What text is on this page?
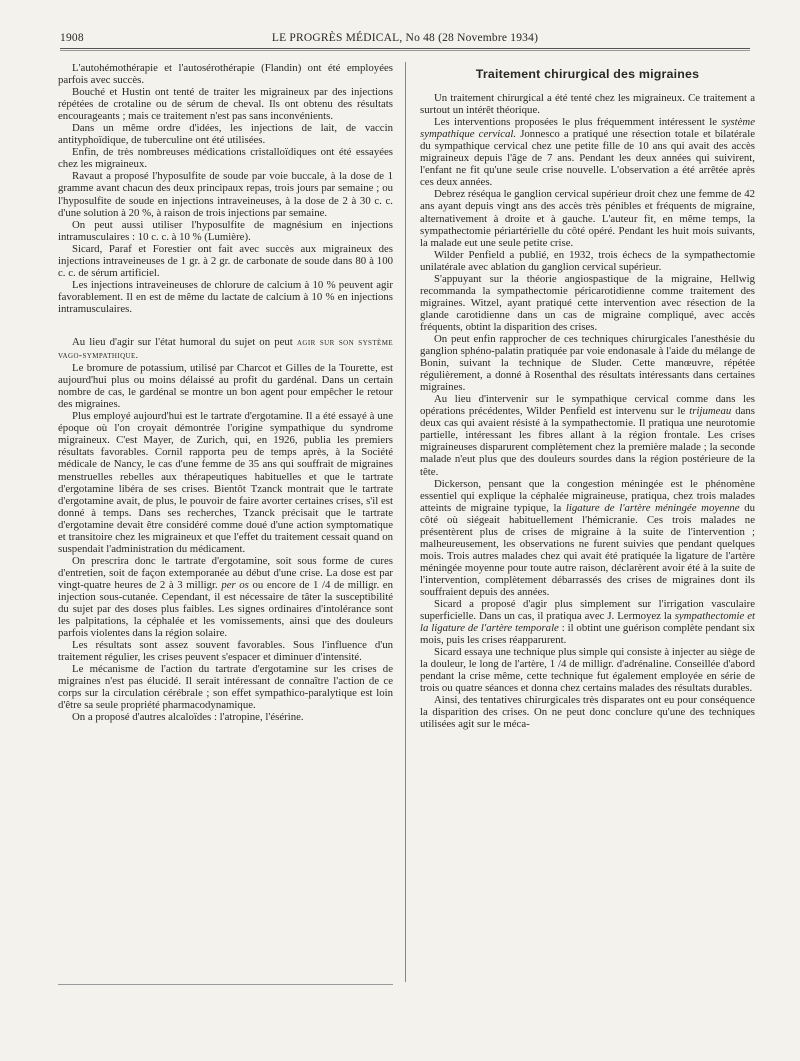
1908	LE PROGRÈS MÉDICAL, No 48 (28 Novembre 1934)

L'autohémothérapie et l'autosérothérapie (Flandin) ont été employées parfois avec succès.

Bouché et Hustin ont tenté de traiter les migraineux par des injections répétées de crotaline ou de sérum de cheval. Ils ont obtenu des résultats encourageants ; mais ce traitement n'est pas sans inconvénients.

Dans un même ordre d'idées, les injections de lait, de vaccin antityphoïdique, de tuberculine ont été utilisées.

Enfin, de très nombreuses médications cristalloïdiques ont été essayées chez les migraineux.

Ravaut a proposé l'hyposulfite de soude par voie buccale, à la dose de 1 gramme avant chacun des deux principaux repas, trois jours par semaine ; ou l'hyposulfite de soude en injections intraveineuses, à la dose de 2 à 30 c. c. d'une solution à 20 %, à raison de trois injections par semaine.

On peut aussi utiliser l'hyposulfite de magnésium en injections intramusculaires : 10 c. c. à 10 % (Lumière).

Sicard, Paraf et Forestier ont fait avec succès aux migraineux des injections intraveineuses de 1 gr. à 2 gr. de carbonate de soude dans 80 à 100 c. c. de sérum artificiel.

Les injections intraveineuses de chlorure de calcium à 10 % peuvent agir favorablement. Il en est de même du lactate de calcium à 10 % en injections intramusculaires.

Au lieu d'agir sur l'état humoral du sujet on peut agir sur son système vago-sympathique.

Le bromure de potassium, utilisé par Charcot et Gilles de la Tourette, est aujourd'hui plus ou moins délaissé au profit du gardénal. Dans un certain nombre de cas, le gardénal se montre un bon agent pour empêcher le retour des migraines.

Plus employé aujourd'hui est le tartrate d'ergotamine. Il a été essayé à une époque où l'on croyait démontrée l'origine sympathique du syndrome migraineux. C'est Mayer, de Zurich, qui, en 1926, publia les premiers résultats favorables. Cornil rapporta peu de temps après, à la Société médicale de Nancy, le cas d'une femme de 35 ans qui souffrait de migraines menstruelles rebelles aux thérapeutiques habituelles et que le tartrate d'ergotamine libéra de ses crises. Bientôt Tzanck montrait que le tartrate d'ergotamine avait, de plus, le pouvoir de faire avorter certaines crises, s'il est donné à temps. Dans ses recherches, Tzanck précisait que le tartrate d'ergotamine devait être considéré comme doué d'une action symptomatique et transitoire chez les migraineux et que l'effet du traitement cessait quand on suspendait l'administration du médicament.

On prescrira donc le tartrate d'ergotamine, soit sous forme de cures d'entretien, soit de façon extemporanée au début d'une crise. La dose est par vingt-quatre heures de 2 à 3 milligr. per os ou encore de 1 /4 de milligr. en injection sous-cutanée. Cependant, il est nécessaire de tâter la susceptibilité du sujet par des doses plus faibles. Les signes ordinaires d'intolérance sont les palpitations, la céphalée et les vomissements, ainsi que des douleurs parfois violentes dans la région solaire.

Les résultats sont assez souvent favorables. Sous l'influence d'un traitement régulier, les crises peuvent s'espacer et diminuer d'intensité.

Le mécanisme de l'action du tartrate d'ergotamine sur les crises de migraines n'est pas élucidé. Il serait intéressant de connaître l'action de ce corps sur la circulation cérébrale ; son effet sympathico-paralytique est loin d'être sa seule propriété pharmacodynamique.

On a proposé d'autres alcaloïdes : l'atropine, l'ésérine.

Traitement chirurgical des migraines

Un traitement chirurgical a été tenté chez les migraineux. Ce traitement a surtout un intérêt théorique.

Les interventions proposées le plus fréquemment intéressent le système sympathique cervical. Jonnesco a pratiqué une résection totale et bilatérale du sympathique cervical chez une petite fille de 10 ans qui avait des accès migraineux depuis l'âge de 7 ans. Pendant les deux années qui suivirent, l'enfant ne fit qu'une seule crise nouvelle. L'observation a été arrêtée après ces deux années.

Debrez réséqua le ganglion cervical supérieur droit chez une femme de 42 ans ayant depuis vingt ans des accès très pénibles et fréquents de migraine, alternativement à droite et à gauche. L'auteur fit, en même temps, la sympathectomie périartérielle du côté opéré. Pendant les huit mois suivants, la malade eut une seule petite crise.

Wilder Penfield a publié, en 1932, trois échecs de la sympathectomie unilatérale avec ablation du ganglion cervical supérieur.

S'appuyant sur la théorie angiospastique de la migraine, Hellwig recommanda la sympathectomie péricarotidienne comme traitement des migraines. Witzel, ayant pratiqué cette intervention avec résection de la glande carotidienne dans un cas de migraine compliqué, avec accès fréquents, obtint la disparition des crises.

On peut enfin rapprocher de ces techniques chirurgicales l'anesthésie du ganglion sphéno-palatin pratiquée par voie endonasale à l'aide du mélange de Bonin, suivant la technique de Sluder. Cette manœuvre, répétée régulièrement, a donné à Rosenthal des résultats intéressants dans certaines migraines.

Au lieu d'intervenir sur le sympathique cervical comme dans les opérations précédentes, Wilder Penfield est intervenu sur le trijumeau dans deux cas qui avaient résisté à la sympathectomie. Il pratiqua une neurotomie partielle, intéressant les fibres allant à la région frontale. Les crises migraineuses disparurent complètement chez la première malade ; la seconde malade n'eut plus que des douleurs sourdes dans la région postérieure de la tête.

Dickerson, pensant que la congestion méningée est le phénomène essentiel qui explique la céphalée migraineuse, pratiqua, chez trois malades atteints de migraine typique, la ligature de l'artère méningée moyenne du côté où siégeait habituellement l'hémicranie. Ces trois malades ne présentèrent plus de crises de migraine à la suite de l'intervention ; malheureusement, les observations ne furent suivies que pendant quelques mois. Trois autres malades chez qui avait été pratiquée la ligature de l'artère méningée moyenne pour toute autre raison, déclarèrent avoir été à la suite de l'intervention, complètement débarrassés des crises de migraines dont ils souffraient depuis des années.

Sicard a proposé d'agir plus simplement sur l'irrigation vasculaire superficielle. Dans un cas, il pratiqua avec J. Lermoyez la sympathectomie et la ligature de l'artère temporale : il obtint une guérison complète pendant six mois, puis les crises réapparurent.

Sicard essaya une technique plus simple qui consiste à injecter au siège de la douleur, le long de l'artère, 1 /4 de milligr. d'adrénaline. Conseillée d'abord pendant la crise même, cette technique fut également employée en série de trois ou quatre séances et donna chez certains malades des résultats durables.

Ainsi, des tentatives chirurgicales très disparates ont eu pour conséquence la disparition des crises. On ne peut donc conclure qu'une des techniques utilisées agit sur le méca-
